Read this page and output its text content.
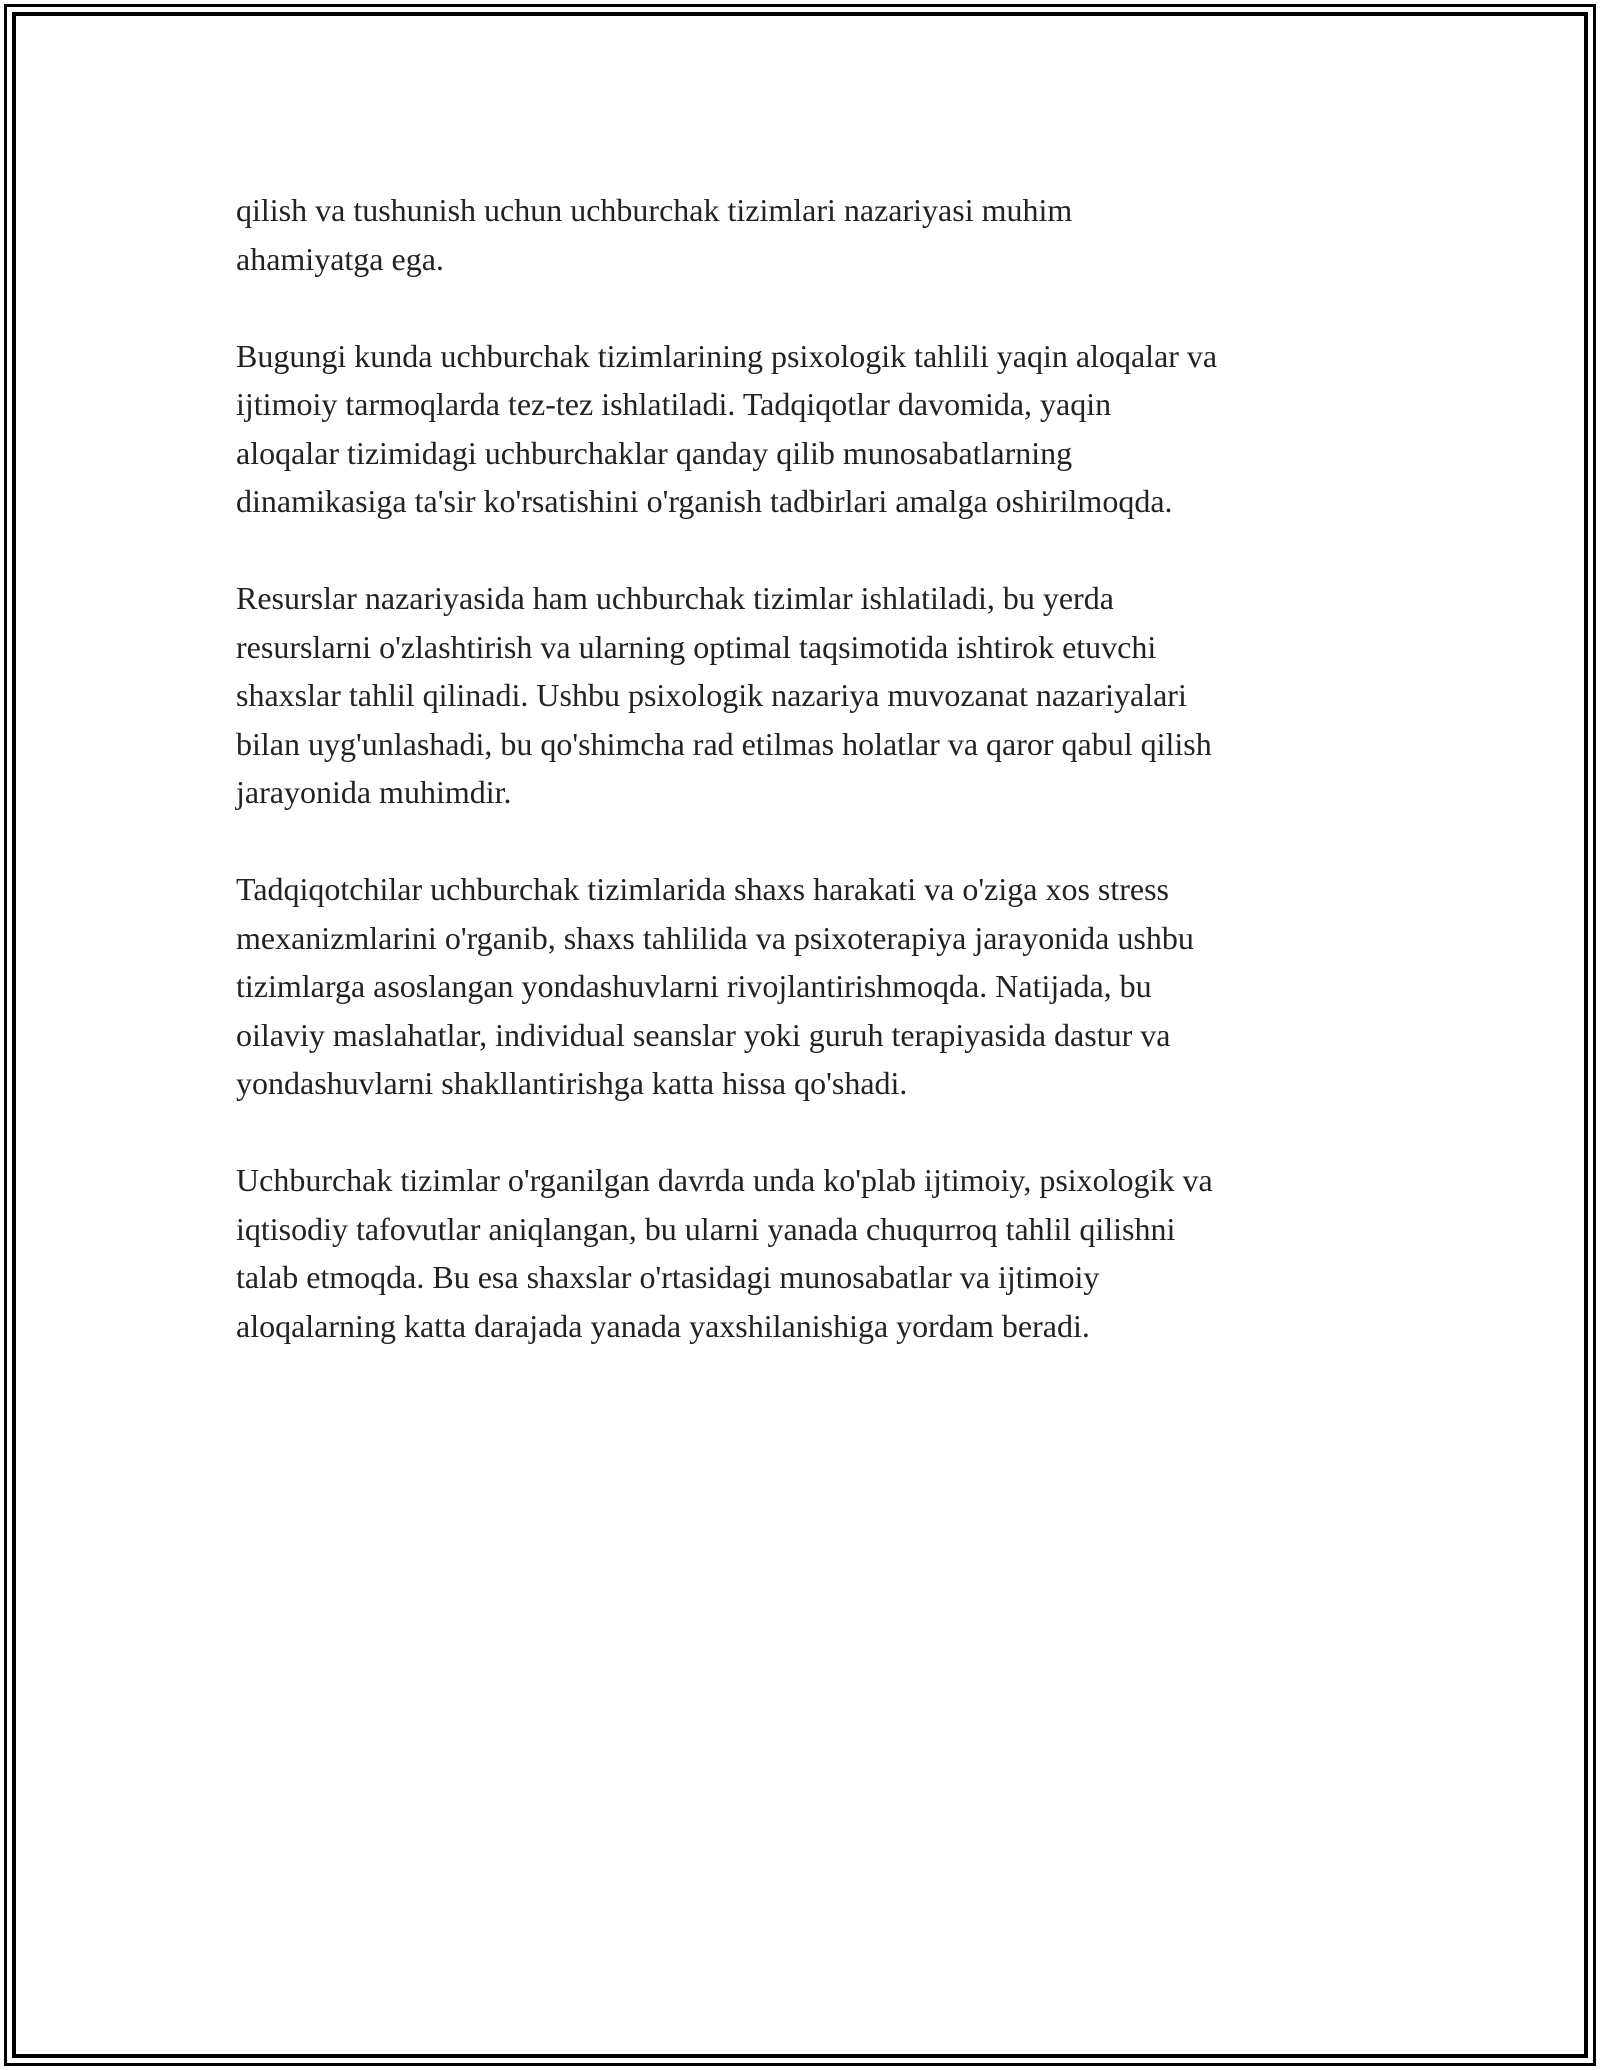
qilish va tushunish uchun uchburchak tizimlari nazariyasi muhim
ahamiyatga ega.

Bugungi kunda uchburchak tizimlarining psixologik tahlili yaqin aloqalar va
ijtimoiy tarmoqlarda tez-tez ishlatiladi. Tadqiqotlar davomida, yaqin
aloqalar tizimidagi uchburchaklar qanday qilib munosabatlarning
dinamikasiga ta'sir ko'rsatishini o'rganish tadbirlari amalga oshirilmoqda.

Resurslar nazariyasida ham uchburchak tizimlar ishlatiladi, bu yerda
resurslarni o'zlashtirish va ularning optimal taqsimotida ishtirok etuvchi
shaxslar tahlil qilinadi. Ushbu psixologik nazariya muvozanat nazariyalari
bilan uyg'unlashadi, bu qo'shimcha rad etilmas holatlar va qaror qabul qilish
jarayonida muhimdir.

Tadqiqotchilar uchburchak tizimlarida shaxs harakati va o'ziga xos stress
mexanizmlarini o'rganib, shaxs tahlilida va psixoterapiya jarayonida ushbu
tizimlarga asoslangan yondashuvlarni rivojlantirishmoqda. Natijada, bu
oilaviy maslahatlar, individual seanslar yoki guruh terapiyasida dastur va
yondashuvlarni shakllantirishga katta hissa qo'shadi.

Uchburchak tizimlar o'rganilgan davrda unda ko'plab ijtimoiy, psixologik va
iqtisodiy tafovutlar aniqlangan, bu ularni yanada chuqurroq tahlil qilishni
talab etmoqda. Bu esa shaxslar o'rtasidagi munosabatlar va ijtimoiy
aloqalarning katta darajada yanada yaxshilanishiga yordam beradi.
